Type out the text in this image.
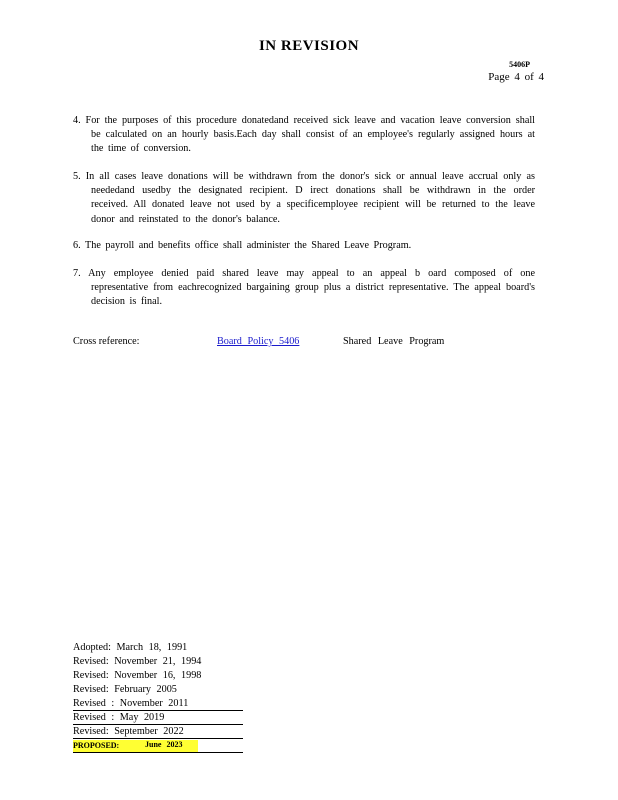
IN REVISION
5406P
Page 4 of 4

4. For the purposes of this procedure donatedand received sick leave and vacation leave conversion shall be calculated on an hourly basis.Each day shall consist of an employee's regularly assigned hours at the time of conversion.

5. In all cases leave donations will be withdrawn from the donor's sick or annual leave accrual only as neededand usedby the designated recipient. D irect donations shall be withdrawn in the order received. All donated leave not used by a specificemployee recipient will be returned to the leave donor and reinstated to the donor's balance.

6. The payroll and benefits office shall administer the Shared Leave Program.

7. Any employee denied paid shared leave may appeal to an appeal b oard composed of one representative from eachrecognized bargaining group plus a district representative. The appeal board's decision is final.

Cross reference:	Board Policy 5406	Shared Leave Program
Adopted: March 18, 1991
Revised: November 21, 1994
Revised: November 16, 1998
Revised: February 2005
Revised : November 2011
Revised : May 2019
Revised: September 2022
PROPOSED:	June 2023
